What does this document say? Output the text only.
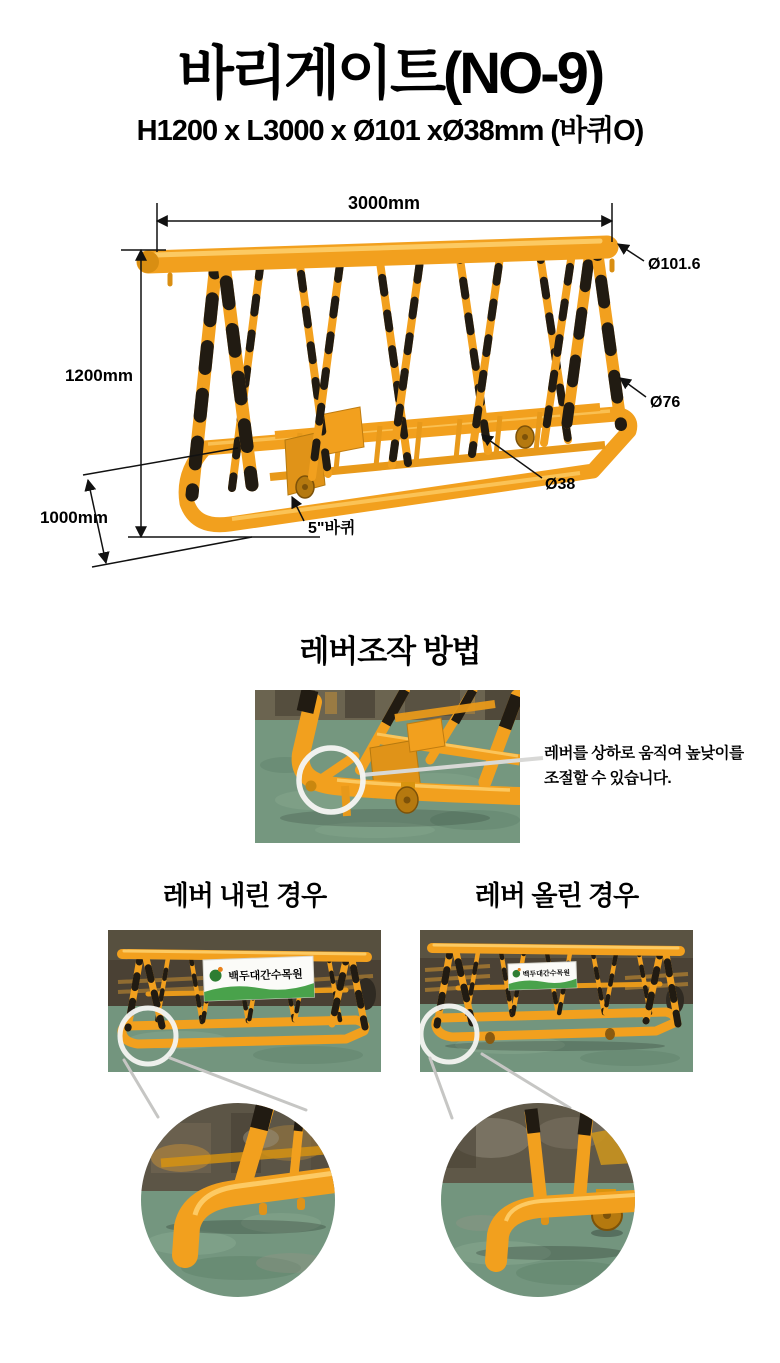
바리게이트(NO-9)
H1200 x L3000 x Ø101 xØ38mm (바퀴O)
3000mm
1200mm
1000mm
Ø101.6
Ø76
Ø38
5"바퀴
레버조작 방법
레버를 상하로 움직여 높낮이를
조절할 수 있습니다.
레버 내린 경우	레버 올린 경우
백두대간수목원	백두대간수목원
